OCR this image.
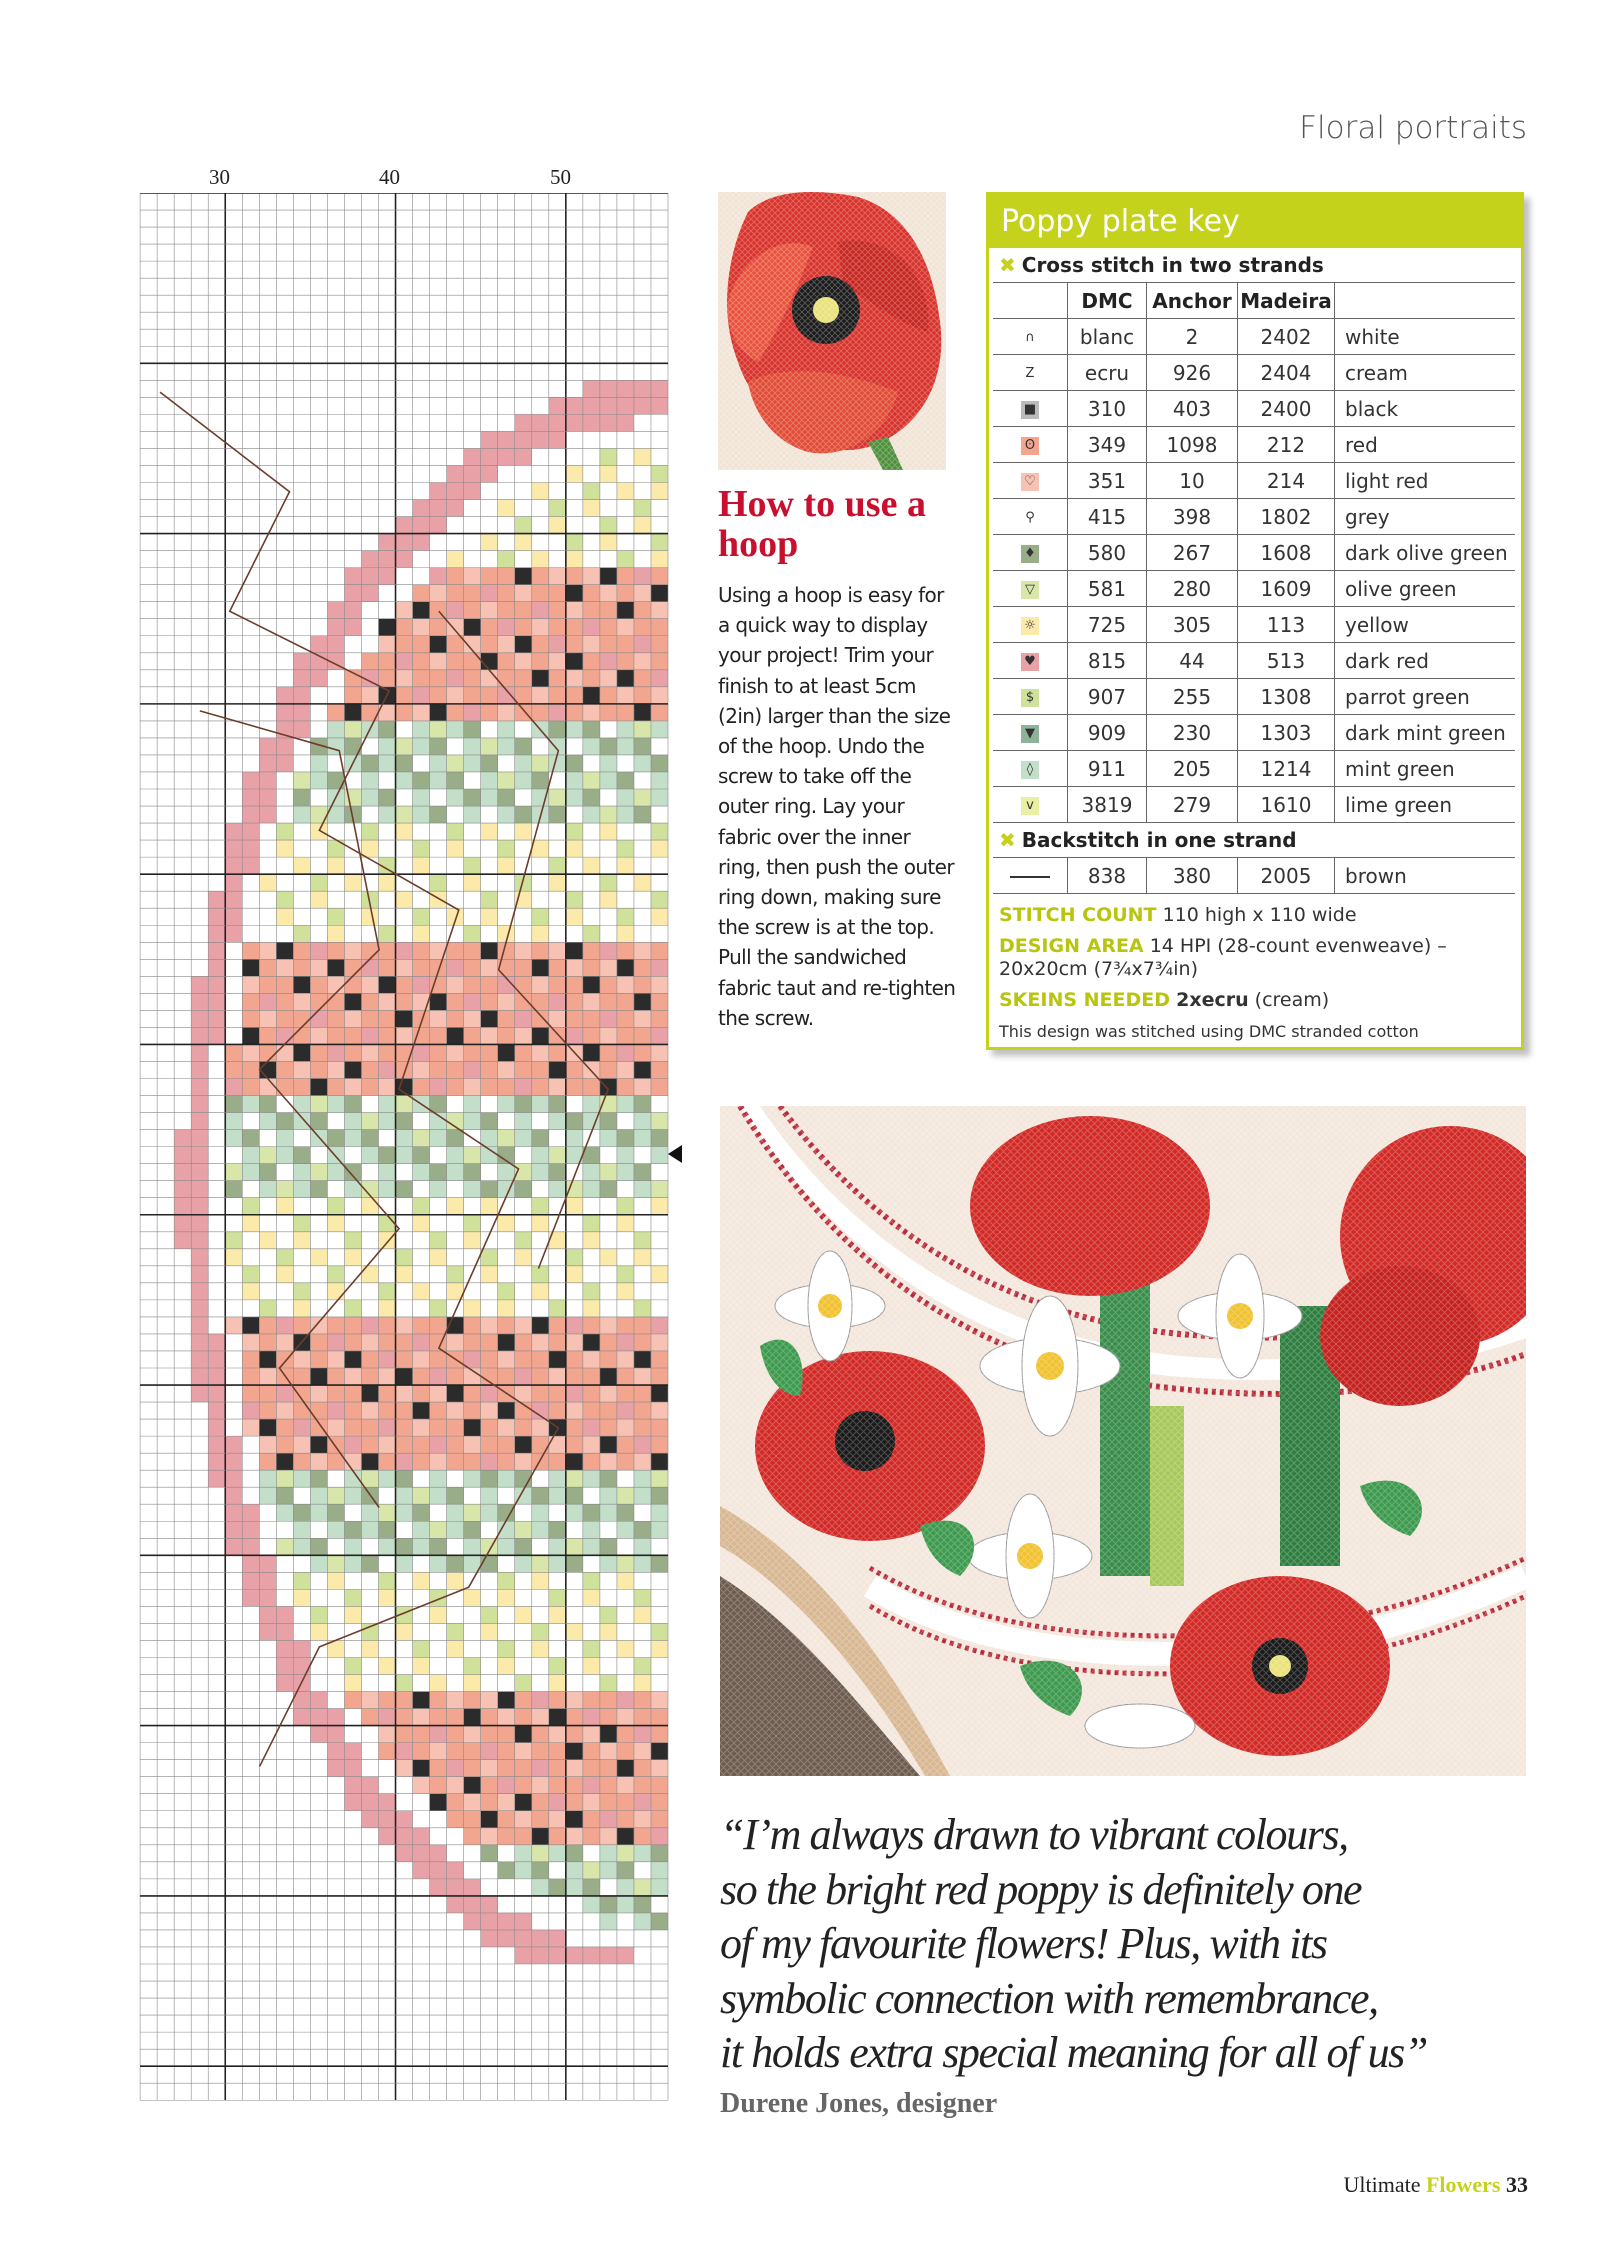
Floral portraits
30	40	50
How to use a hoop
Using a hoop is easy for a quick way to display your project! Trim your finish to at least 5cm (2in) larger than the size of the hoop. Undo the screw to take off the outer ring. Lay your fabric over the inner ring, then push the outer ring down, making sure the screw is at the top. Pull the sandwiched fabric taut and re-tighten the screw.
Poppy plate key
✖ Cross stitch in two strands
	DMC	Anchor	Madeira	
∩	blanc	2	2402	white
Z	ecru	926	2404	cream
■	310	403	2400	black
ʘ	349	1098	212	red
♡	351	10	214	light red
⚲	415	398	1802	grey
♦	580	267	1608	dark olive green
▽	581	280	1609	olive green
☼	725	305	113	yellow
♥	815	44	513	dark red
$	907	255	1308	parrot green
▼	909	230	1303	dark mint green
◊	911	205	1214	mint green
v	3819	279	1610	lime green
✖ Backstitch in one strand
	838	380	2005	brown

STITCH COUNT 110 high x 110 wide

DESIGN AREA 14 HPI (28-count evenweave) – 20x20cm (7¾x7¾in)

SKEINS NEEDED 2xecru (cream)

This design was stitched using DMC stranded cotton

“I’m always drawn to vibrant colours,
so the bright red poppy is definitely one
of my favourite flowers! Plus, with its
symbolic connection with remembrance,
it holds extra special meaning for all of us”
Durene Jones, designer
Ultimate Flowers 33
